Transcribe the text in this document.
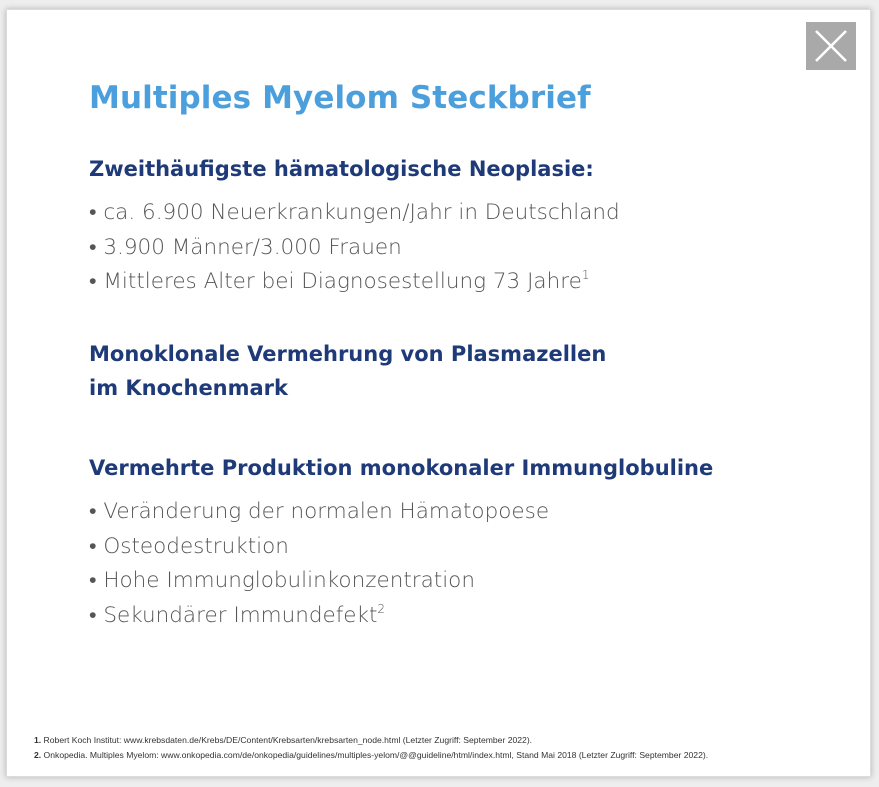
Multiples Myelom Steckbrief
Zweithäufigste hämatologische Neoplasie:
• ca. 6.900 Neuerkrankungen/Jahr in Deutschland
• 3.900 Männer/3.000 Frauen
• Mittleres Alter bei Diagnosestellung 73 Jahre$^1$
Monoklonale Vermehrung von Plasmazellen
im Knochenmark
Vermehrte Produktion monokonaler Immunglobuline
• Veränderung der normalen Hämatopoese
• Osteodestruktion
• Hohe Immunglobulinkonzentration
• Sekundärer Immundefekt$^2$
1. Robert Koch Institut: www.krebsdaten.de/Krebs/DE/Content/Krebsarten/krebsarten_node.html (Letzter Zugriff: September 2022).
2. Onkopedia. Multiples Myelom: www.onkopedia.com/de/onkopedia/guidelines/multiples-yelom/@@guideline/html/index.html, Stand Mai 2018 (Letzter Zugriff: September 2022).
